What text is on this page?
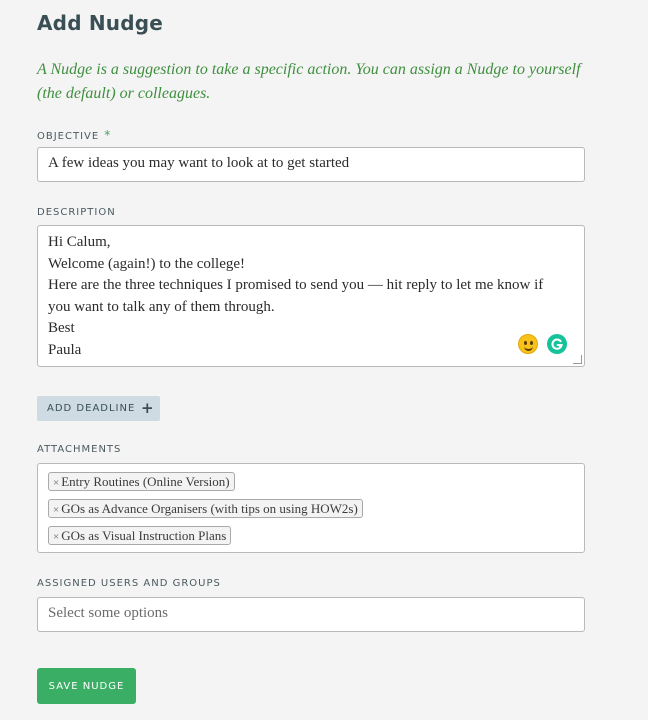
Add Nudge

A Nudge is a suggestion to take a specific action. You can assign a Nudge to yourself (the default) or colleagues.

OBJECTIVE *
A few ideas you may want to look at to get started
DESCRIPTION
Hi Calum,
Welcome (again!) to the college!
Here are the three techniques I promised to send you — hit reply to let me know if
you want to talk any of them through.
Best
Paula
ADD DEADLINE +
ATTACHMENTS
× Entry Routines (Online Version)
× GOs as Advance Organisers (with tips on using HOW2s)
× GOs as Visual Instruction Plans
ASSIGNED USERS AND GROUPS
Select some options
SAVE NUDGE
